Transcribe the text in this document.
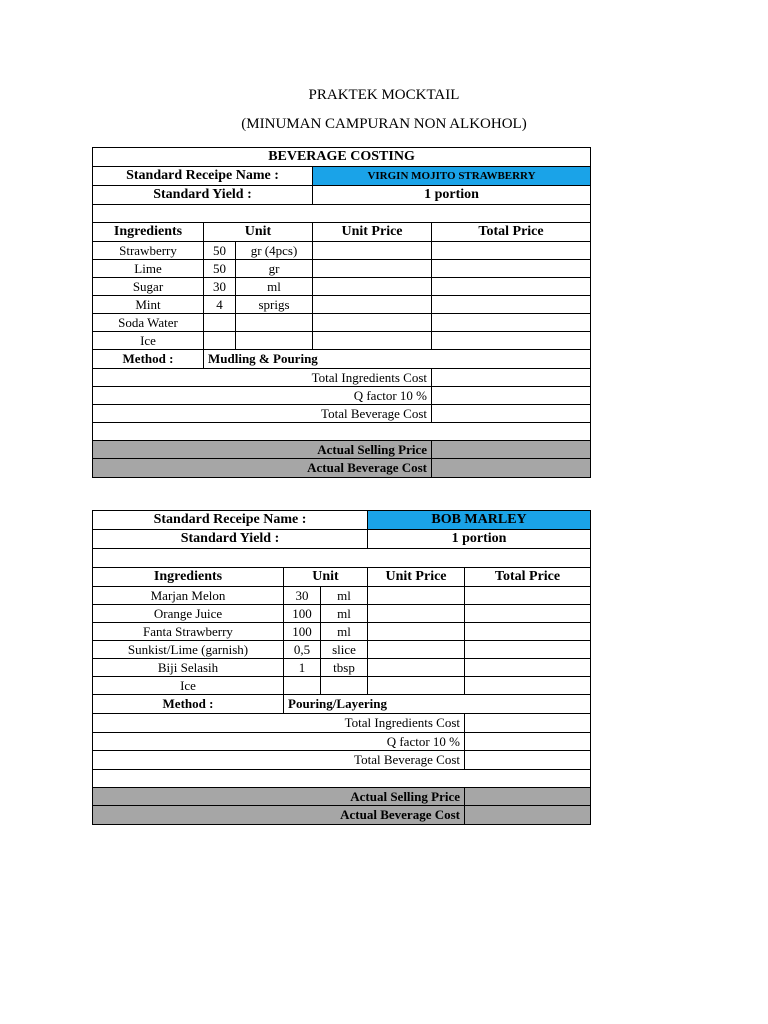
PRAKTEK MOCKTAIL
(MINUMAN CAMPURAN NON ALKOHOL)
BEVERAGE COSTING				
Standard Receipe Name :			VIRGIN MOJITO STRAWBERRY	
Standard Yield :			1 portion	

Ingredients	Unit		Unit Price	Total Price
Strawberry	50	gr (4pcs)		
Lime	50	gr		
Sugar	30	ml		
Mint	4	sprigs		
Soda Water				
Ice				
Method :	Mudling & Pouring			
Total Ingredients Cost				
Q factor 10 %				
Total Beverage Cost				

Actual Selling Price				
Actual Beverage Cost				
Standard Receipe Name :			BOB MARLEY	
Standard Yield :			1 portion	

Ingredients	Unit		Unit Price	Total Price
Marjan Melon	30	ml		
Orange Juice	100	ml		
Fanta Strawberry	100	ml		
Sunkist/Lime (garnish)	0,5	slice		
Biji Selasih	1	tbsp		
Ice				
Method :	Pouring/Layering			
Total Ingredients Cost				
Q factor 10 %				
Total Beverage Cost				

Actual Selling Price				
Actual Beverage Cost				
